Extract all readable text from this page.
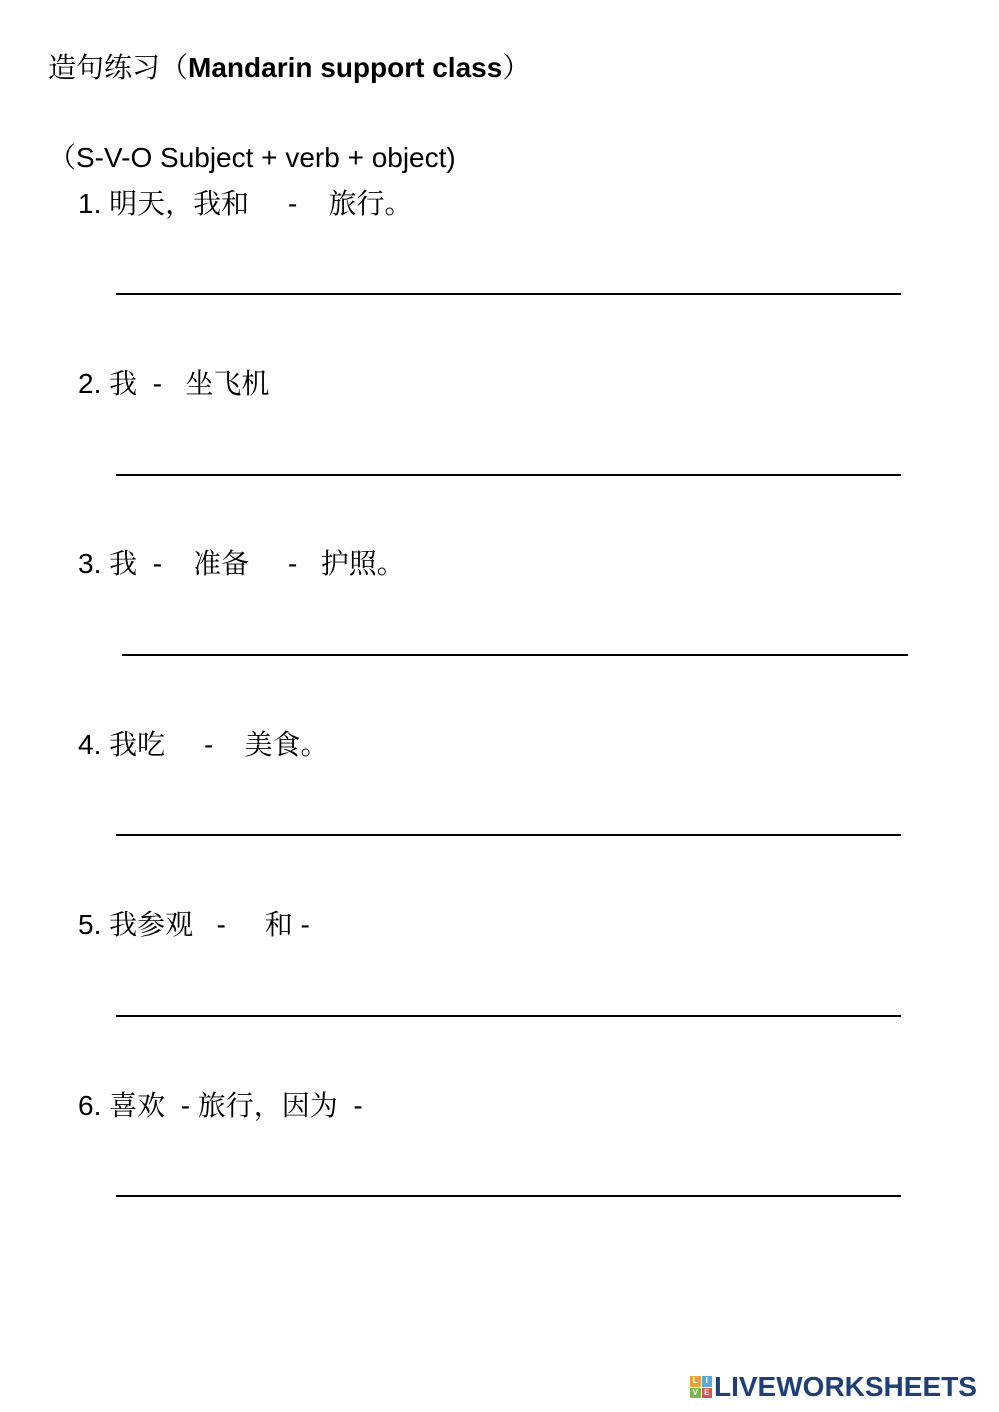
造句练习（Mandarin support class）
（S-V-O Subject + verb + object)
1. 明天，我和     -    旅行。
2. 我  -   坐飞机
3. 我  -    准备     -   护照。
4. 我吃     -    美食。
5. 我参观   -     和 -
6. 喜欢  - 旅行，因为  -
L I
V E LIVEWORKSHEETS
